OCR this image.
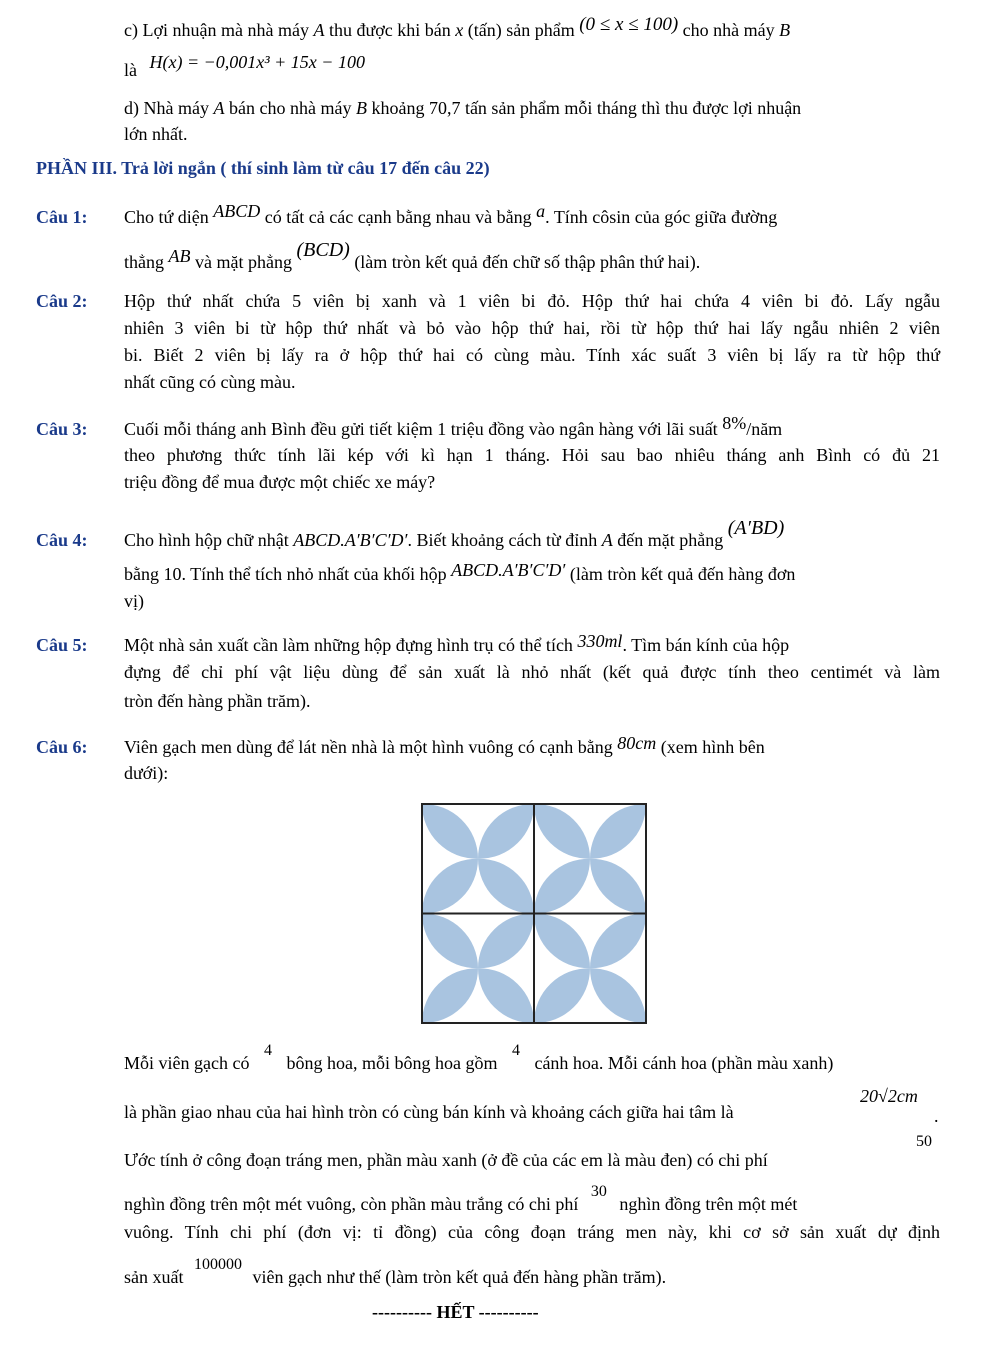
c) Lợi nhuận mà nhà máy A thu được khi bán x (tấn) sản phẩm (0 ≤ x ≤ 100) cho nhà máy B
là H(x) = −0,001x³ + 15x − 100
d) Nhà máy A bán cho nhà máy B khoảng 70,7 tấn sản phẩm mỗi tháng thì thu được lợi nhuận
lớn nhất.
PHẦN III. Trả lời ngắn ( thí sinh làm từ câu 17 đến câu 22)
Câu 1: Cho tứ diện ABCD có tất cả các cạnh bằng nhau và bằng a. Tính côsin của góc giữa đường
thẳng AB và mặt phẳng (BCD) (làm tròn kết quả đến chữ số thập phân thứ hai).
Câu 2: Hộp thứ nhất chứa 5 viên bị xanh và 1 viên bi đỏ. Hộp thứ hai chứa 4 viên bi đỏ. Lấy ngẫu
nhiên 3 viên bi từ hộp thứ nhất và bỏ vào hộp thứ hai, rồi từ hộp thứ hai lấy ngẫu nhiên 2 viên
bi. Biết 2 viên bị lấy ra ở hộp thứ hai có cùng màu. Tính xác suất 3 viên bị lấy ra từ hộp thứ
nhất cũng có cùng màu.
Câu 3: Cuối mỗi tháng anh Bình đều gửi tiết kiệm 1 triệu đồng vào ngân hàng với lãi suất 8%/năm
theo phương thức tính lãi kép với kì hạn 1 tháng. Hỏi sau bao nhiêu tháng anh Bình có đủ 21
triệu đồng để mua được một chiếc xe máy?
Câu 4: Cho hình hộp chữ nhật ABCD.A′B′C′D′. Biết khoảng cách từ đỉnh A đến mặt phẳng (A′BD)
bằng 10. Tính thể tích nhỏ nhất của khối hộp ABCD.A′B′C′D′ (làm tròn kết quả đến hàng đơn
vị)
Câu 5: Một nhà sản xuất cần làm những hộp đựng hình trụ có thể tích 330ml. Tìm bán kính của hộp
đựng để chỉ phí vật liệu dùng để sản xuất là nhỏ nhất (kết quả được tính theo centimét và làm
tròn đến hàng phần trăm).
Câu 6: Viên gạch men dùng để lát nền nhà là một hình vuông có cạnh bằng 80cm (xem hình bên
dưới):
Mỗi viên gạch có 4 bông hoa, mỗi bông hoa gồm 4 cánh hoa. Mỗi cánh hoa (phần màu xanh)
là phần giao nhau của hai hình tròn có cùng bán kính và khoảng cách giữa hai tâm là
20√2cm
.
Ước tính ở công đoạn tráng men, phần màu xanh (ở đề của các em là màu đen) có chi phí
50
nghìn đồng trên một mét vuông, còn phần màu trắng có chi phí 30 nghìn đồng trên một mét
vuông. Tính chi phí (đơn vị: tỉ đồng) của công đoạn tráng men này, khi cơ sở sản xuất dự định
sản xuất 100000 viên gạch như thế (làm tròn kết quả đến hàng phần trăm).
---------- HẾT ----------
